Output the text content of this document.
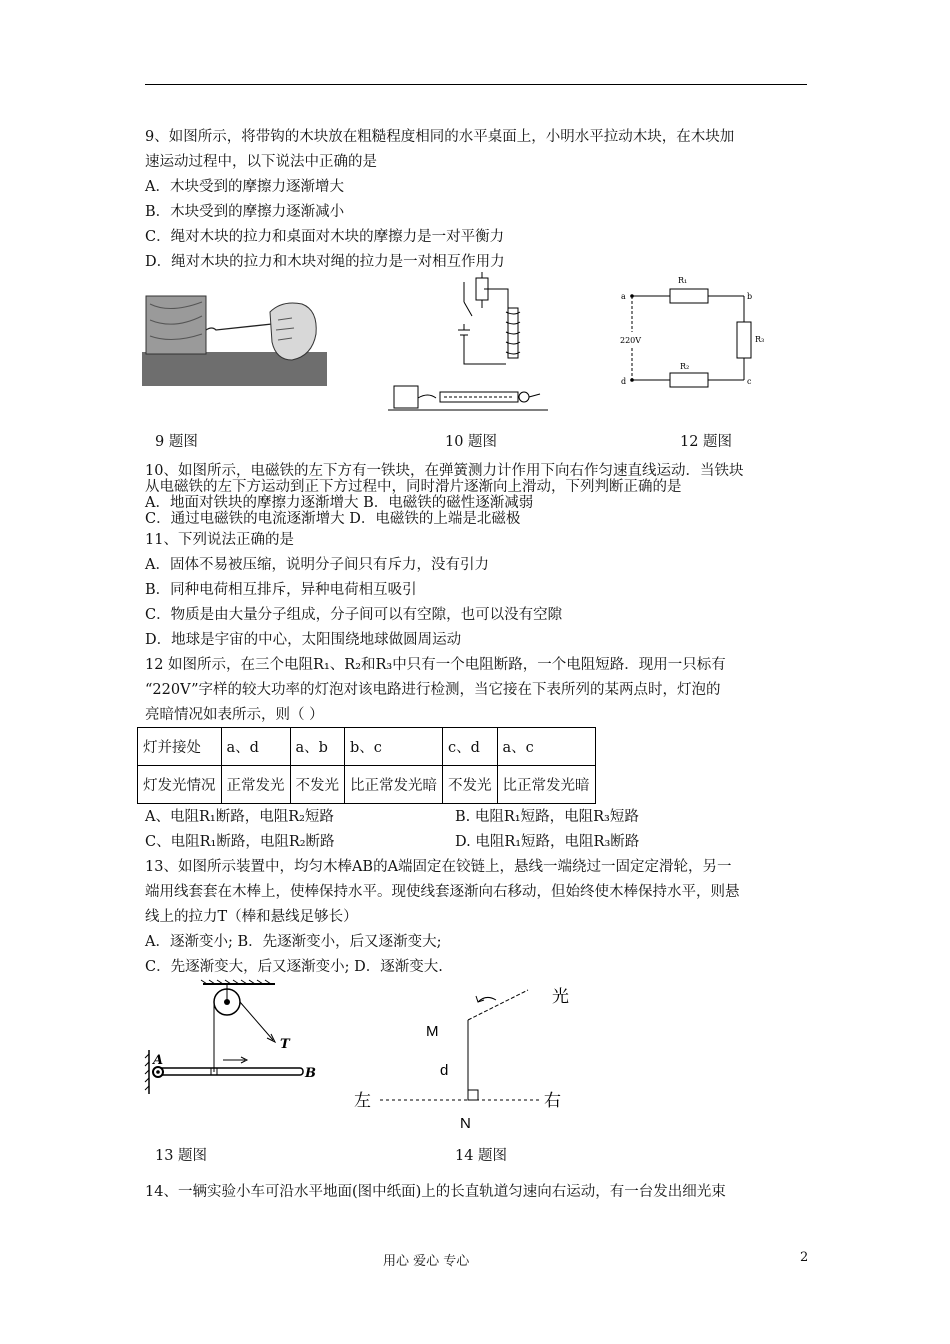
9、如图所示，将带钩的木块放在粗糙程度相同的水平桌面上，小明水平拉动木块，在木块加
速运动过程中，以下说法中正确的是
A．木块受到的摩擦力逐渐增大
B．木块受到的摩擦力逐渐减小
C．绳对木块的拉力和桌面对木块的摩擦力是一对平衡力
D．绳对木块的拉力和木块对绳的拉力是一对相互作用力
R₁
R₂
R₃
a	b
c
d
220V
9 题图	10 题图	12 题图
10、如图所示，电磁铁的左下方有一铁块，在弹簧测力计作用下向右作匀速直线运动．当铁块
从电磁铁的左下方运动到正下方过程中，同时滑片逐渐向上滑动，下列判断正确的是
A．地面对铁块的摩擦力逐渐增大 B．电磁铁的磁性逐渐减弱
C．通过电磁铁的电流逐渐增大 D．电磁铁的上端是北磁极
11、下列说法正确的是
A．固体不易被压缩，说明分子间只有斥力，没有引力
B．同种电荷相互排斥，异种电荷相互吸引
C．物质是由大量分子组成，分子间可以有空隙，也可以没有空隙
D．地球是宇宙的中心，太阳围绕地球做圆周运动
12 如图所示，在三个电阻R₁、R₂和R₃中只有一个电阻断路，一个电阻短路．现用一只标有
“220V”字样的较大功率的灯泡对该电路进行检测，当它接在下表所列的某两点时，灯泡的
亮暗情况如表所示，则（ ）
灯并接处	a、d	a、b	b、c	c、d	a、c
灯发光情况	正常发光	不发光	比正常发光暗	不发光	比正常发光暗
A、电阻R₁断路，电阻R₂短路	B. 电阻R₁短路，电阻R₃短路
C、电阻R₁断路，电阻R₂断路	D. 电阻R₁短路，电阻R₃断路
13、如图所示装置中，均匀木棒AB的A端固定在铰链上，悬线一端绕过一固定定滑轮，另一
端用线套套在木棒上，使棒保持水平。现使线套逐渐向右移动，但始终使木棒保持水平，则悬
线上的拉力T（棒和悬线足够长）
A．逐渐变小; B．先逐渐变小，后又逐渐变大;
C．先逐渐变大，后又逐渐变小; D．逐渐变大.
T
A
B
光
M
d
左	右
N
13 题图	14 题图
14、一辆实验小车可沿水平地面(图中纸面)上的长直轨道匀速向右运动，有一台发出细光束
用心 爱心 专心	2
